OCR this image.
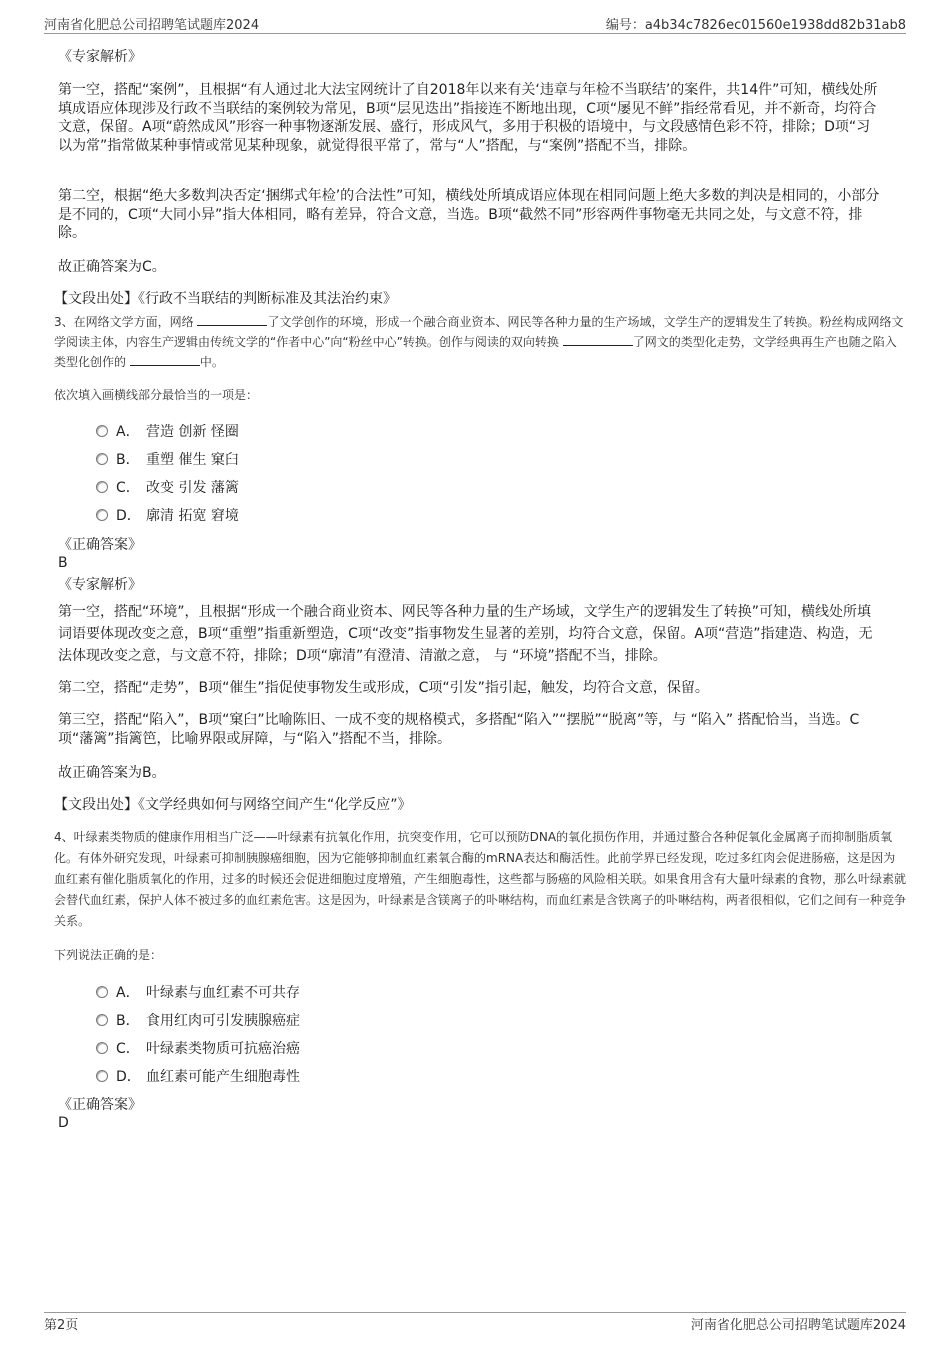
河南省化肥总公司招聘笔试题库2024	编号：a4b34c7826ec01560e1938dd82b31ab8
《专家解析》
第一空，搭配“案例”，且根据“有人通过北大法宝网统计了自2018年以来有关‘违章与年检不当联结’的案件，共14件”可知，横线处所填成语应体现涉及行政不当联结的案例较为常见，B项“层见迭出”指接连不断地出现，C项“屡见不鲜”指经常看见，并不新奇，均符合文意，保留。A项“蔚然成风”形容一种事物逐渐发展、盛行，形成风气，多用于积极的语境中，与文段感情色彩不符，排除；D项“习以为常”指常做某种事情或常见某种现象，就觉得很平常了，常与“人”搭配，与“案例”搭配不当，排除。
第二空，根据“绝大多数判决否定‘捆绑式年检’的合法性”可知，横线处所填成语应体现在相同问题上绝大多数的判决是相同的，小部分是不同的，C项“大同小异”指大体相同，略有差异，符合文意，当选。B项“截然不同”形容两件事物毫无共同之处，与文意不符，排除。
故正确答案为C。
【文段出处】《行政不当联结的判断标准及其法治约束》
3、在网络文学方面，网络	了文学创作的环境，形成一个融合商业资本、网民等各种力量的生产场域，文学生产的逻辑发生了转换。粉丝构成网络文学阅读主体，内容生产逻辑由传统文学的“作者中心”向“粉丝中心”转换。创作与阅读的双向转换	了网文的类型化走势，文学经典再生产也随之陷入类型化创作的	中。
依次填入画横线部分最恰当的一项是：
A． 营造 创新 怪圈
B． 重塑 催生 窠臼
C． 改变 引发 藩篱
D． 廓清 拓宽 窘境
《正确答案》
B
《专家解析》
第一空，搭配“环境”，且根据“形成一个融合商业资本、网民等各种力量的生产场域，文学生产的逻辑发生了转换”可知，横线处所填词语要体现改变之意，B项“重塑”指重新塑造，C项“改变”指事物发生显著的差别，均符合文意，保留。A项“营造”指建造、构造，无法体现改变之意，与文意不符，排除；D项“廓清”有澄清、清澈之意， 与 “环境”搭配不当，排除。
第二空，搭配“走势”，B项“催生”指促使事物发生或形成，C项“引发”指引起，触发，均符合文意，保留。
第三空，搭配“陷入”，B项“窠臼”比喻陈旧、一成不变的规格模式，多搭配“陷入”“摆脱”“脱离”等，与 “陷入” 搭配恰当，当选。C项“藩篱”指篱笆，比喻界限或屏障，与“陷入”搭配不当，排除。
故正确答案为B。
【文段出处】《文学经典如何与网络空间产生“化学反应”》
4、叶绿素类物质的健康作用相当广泛——叶绿素有抗氧化作用，抗突变作用，它可以预防DNA的氧化损伤作用，并通过螯合各种促氧化金属离子而抑制脂质氧化。有体外研究发现，叶绿素可抑制胰腺癌细胞，因为它能够抑制血红素氧合酶的mRNA表达和酶活性。此前学界已经发现，吃过多红肉会促进肠癌，这是因为血红素有催化脂质氧化的作用，过多的时候还会促进细胞过度增殖，产生细胞毒性，这些都与肠癌的风险相关联。如果食用含有大量叶绿素的食物，那么叶绿素就会替代血红素，保护人体不被过多的血红素危害。这是因为，叶绿素是含镁离子的卟啉结构，而血红素是含铁离子的卟啉结构，两者很相似，它们之间有一种竞争关系。
下列说法正确的是：
A． 叶绿素与血红素不可共存
B． 食用红肉可引发胰腺癌症
C． 叶绿素类物质可抗癌治癌
D． 血红素可能产生细胞毒性
《正确答案》
D
第2页	河南省化肥总公司招聘笔试题库2024
